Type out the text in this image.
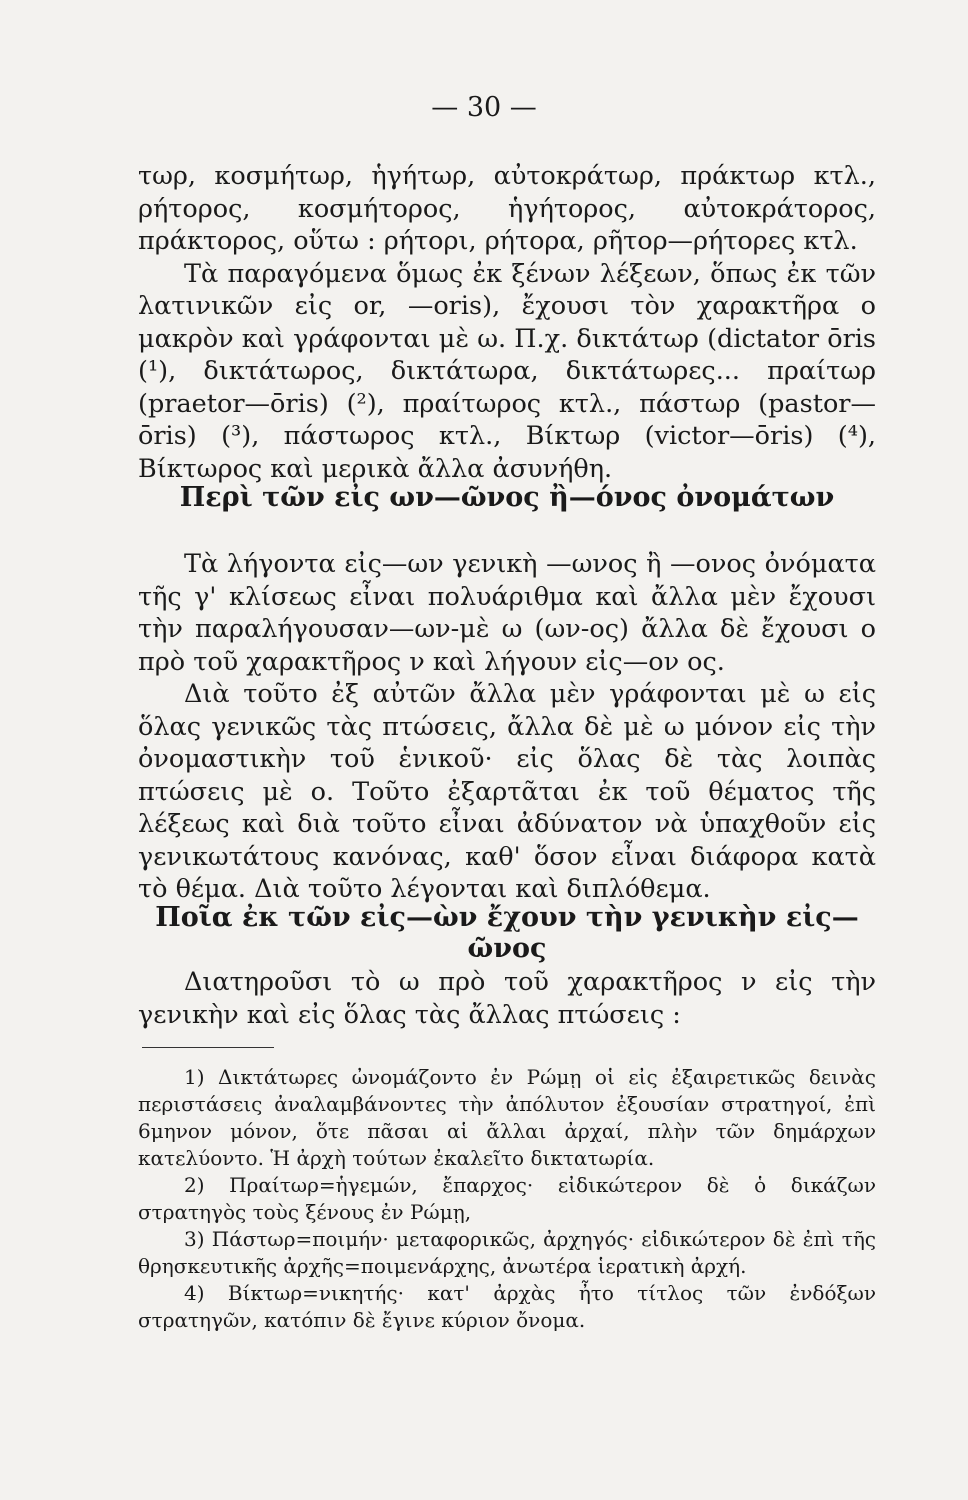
— 30 —

τωρ, κοσμήτωρ, ἡγήτωρ, αὐτοκράτωρ, πράκτωρ κτλ., ρήτορος, κοσμήτορος, ἡγήτορος, αὐτοκράτορος, πράκτορος, οὕτω : ρήτορι, ρήτορα, ρῆτορ—ρήτορες κτλ.

Τὰ παραγόμενα ὅμως ἐκ ξένων λέξεων, ὅπως ἐκ τῶν λατινικῶν εἰς or, —oris), ἔχουσι τὸν χαρακτῆρα ο μακρὸν καὶ γράφονται μὲ ω. Π.χ. δικτάτωρ (dictator ōris (¹), δικτάτωρος, δικτάτωρα, δικτάτωρες... πραίτωρ (praetor—ōris) (²), πραίτωρος κτλ., πάστωρ (pastor—ōris) (³), πάστωρος κτλ., Βίκτωρ (victor—ōris) (⁴), Βίκτωρος καὶ μερικὰ ἄλλα ἀσυνήθη.

Περὶ τῶν εἰς ων—ῶνος ἢ—όνος ὀνομάτων

Τὰ λήγοντα εἰς—ων γενικὴ —ωνος ἢ —ονος ὀνόματα τῆς γ' κλίσεως εἶναι πολυάριθμα καὶ ἄλλα μὲν ἔχουσι τὴν παραλήγουσαν—ων-μὲ ω (ων-ος) ἄλλα δὲ ἔχουσι ο πρὸ τοῦ χαρακτῆρος ν καὶ λήγουν εἰς—ον ος.

Διὰ τοῦτο ἐξ αὐτῶν ἄλλα μὲν γράφονται μὲ ω εἰς ὅλας γενικῶς τὰς πτώσεις, ἄλλα δὲ μὲ ω μόνον εἰς τὴν ὀνομαστικὴν τοῦ ἑνικοῦ· εἰς ὅλας δὲ τὰς λοιπὰς πτώσεις μὲ ο. Τοῦτο ἐξαρτᾶται ἐκ τοῦ θέματος τῆς λέξεως καὶ διὰ τοῦτο εἶναι ἀδύνατον νὰ ὑπαχθοῦν εἰς γενικωτάτους κανόνας, καθ' ὅσον εἶναι διάφορα κατὰ τὸ θέμα. Διὰ τοῦτο λέγονται καὶ διπλόθεμα.

Ποῖα ἐκ τῶν εἰς—ὼν ἔχουν τὴν γενικὴν εἰς—ῶνος

Διατηροῦσι τὸ ω πρὸ τοῦ χαρακτῆρος ν εἰς τὴν γενικὴν καὶ εἰς ὅλας τὰς ἄλλας πτώσεις :

1) Δικτάτωρες ὠνομάζοντο ἐν Ρώμῃ οἱ εἰς ἐξαιρετικῶς δεινὰς περιστάσεις ἀναλαμβάνοντες τὴν ἀπόλυτον ἐξουσίαν στρατηγοί, ἐπὶ 6μηνον μόνον, ὅτε πᾶσαι αἱ ἄλλαι ἀρχαί, πλὴν τῶν δημάρχων κατελύοντο. Ἡ ἀρχὴ τούτων ἐκαλεῖτο δικτατωρία.

2) Πραίτωρ=ἡγεμών, ἔπαρχος· εἰδικώτερον δὲ ὁ δικάζων στρατηγὸς τοὺς ξένους ἐν Ρώμῃ,

3) Πάστωρ=ποιμήν· μεταφορικῶς, ἀρχηγός· εἰδικώτερον δὲ ἐπὶ τῆς θρησκευτικῆς ἀρχῆς=ποιμενάρχης, ἀνωτέρα ἱερατικὴ ἀρχή.

4) Βίκτωρ=νικητής· κατ' ἀρχὰς ἦτο τίτλος τῶν ἐνδόξων στρατηγῶν, κατόπιν δὲ ἔγινε κύριον ὄνομα.
